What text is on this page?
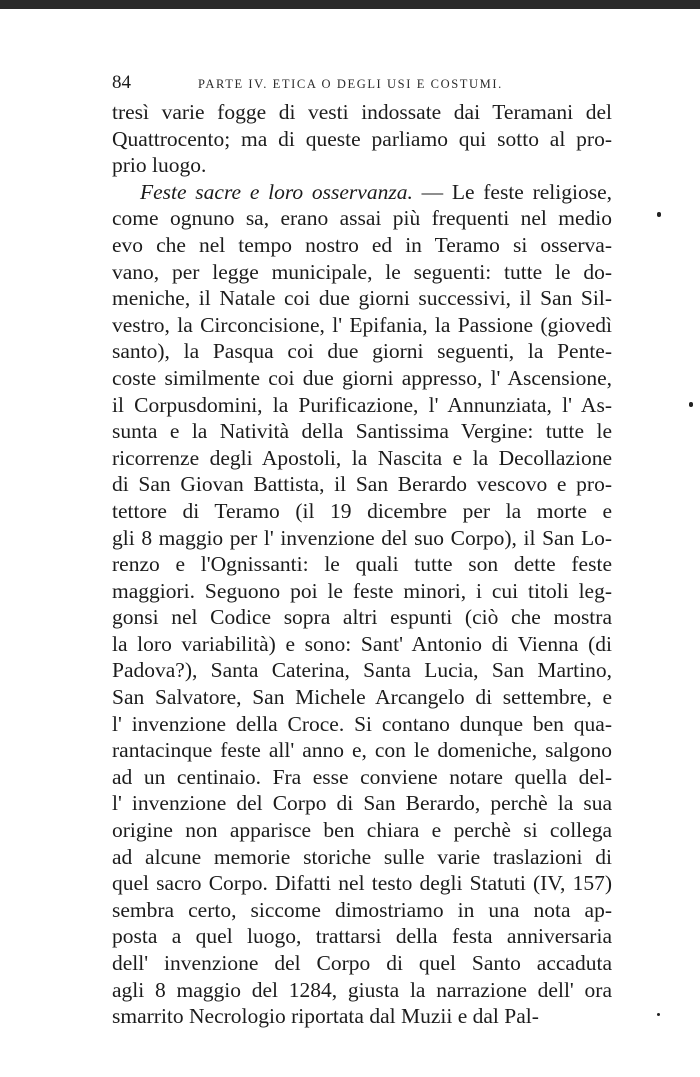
84	PARTE IV. ETICA O DEGLI USI E COSTUMI.
tresì varie fogge di vesti indossate dai Teramani del
Quattrocento; ma di queste parliamo qui sotto al pro-
prio luogo.
Feste sacre e loro osservanza. — Le feste religiose,
come ognuno sa, erano assai più frequenti nel medio
evo che nel tempo nostro ed in Teramo si osserva-
vano, per legge municipale, le seguenti: tutte le do-
meniche, il Natale coi due giorni successivi, il San Sil-
vestro, la Circoncisione, l' Epifania, la Passione (giovedì
santo), la Pasqua coi due giorni seguenti, la Pente-
coste similmente coi due giorni appresso, l' Ascensione,
il Corpusdomini, la Purificazione, l' Annunziata, l' As-
sunta e la Natività della Santissima Vergine: tutte le
ricorrenze degli Apostoli, la Nascita e la Decollazione
di San Giovan Battista, il San Berardo vescovo e pro-
tettore di Teramo (il 19 dicembre per la morte e
gli 8 maggio per l' invenzione del suo Corpo), il San Lo-
renzo e l'Ognissanti: le quali tutte son dette feste
maggiori. Seguono poi le feste minori, i cui titoli leg-
gonsi nel Codice sopra altri espunti (ciò che mostra
la loro variabilità) e sono: Sant' Antonio di Vienna (di
Padova?), Santa Caterina, Santa Lucia, San Martino,
San Salvatore, San Michele Arcangelo di settembre, e
l' invenzione della Croce. Si contano dunque ben qua-
rantacinque feste all' anno e, con le domeniche, salgono
ad un centinaio. Fra esse conviene notare quella del-
l' invenzione del Corpo di San Berardo, perchè la sua
origine non apparisce ben chiara e perchè si collega
ad alcune memorie storiche sulle varie traslazioni di
quel sacro Corpo. Difatti nel testo degli Statuti (IV, 157)
sembra certo, siccome dimostriamo in una nota ap-
posta a quel luogo, trattarsi della festa anniversaria
dell' invenzione del Corpo di quel Santo accaduta
agli 8 maggio del 1284, giusta la narrazione dell' ora
smarrito Necrologio riportata dal Muzii e dal Pal-
